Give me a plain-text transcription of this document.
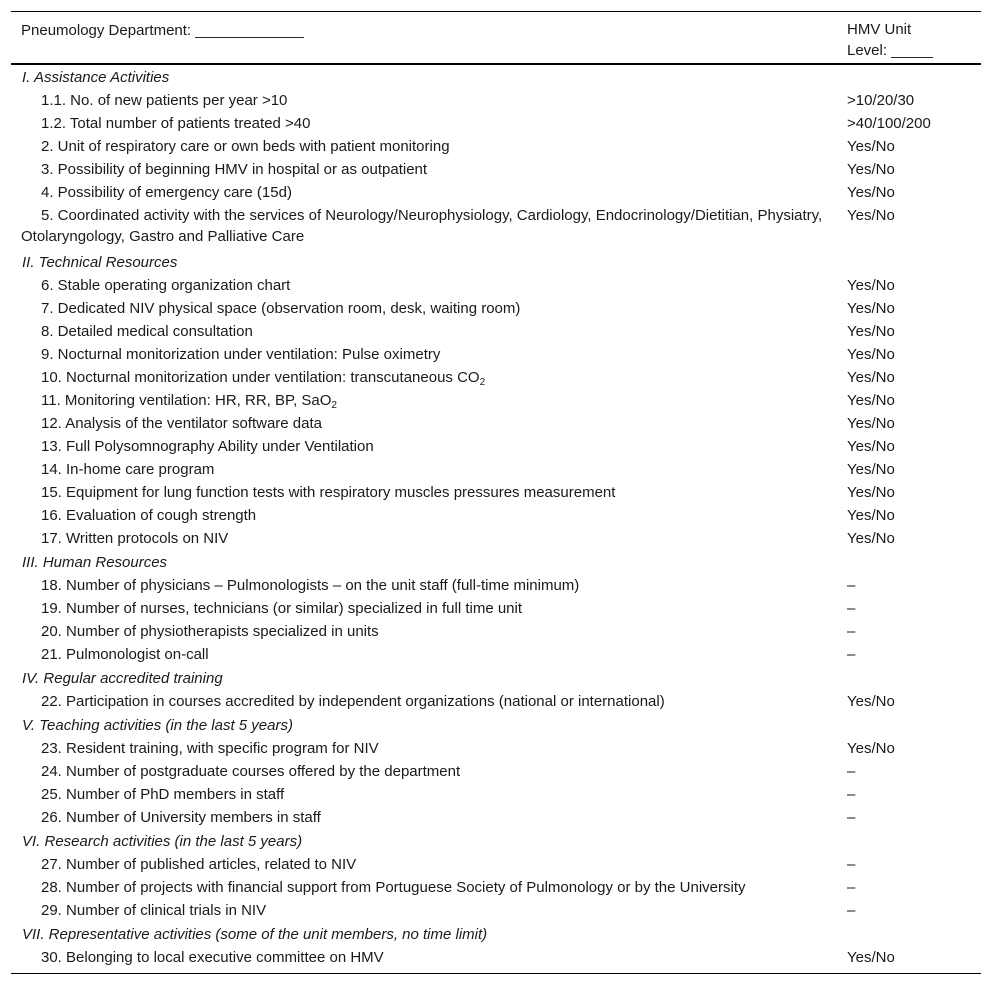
Pneumology Department: _____________	HMV Unit
Level: _____
I. Assistance Activities
1.1. No. of new patients per year >10	>10/20/30
1.2. Total number of patients treated >40	>40/100/200
2. Unit of respiratory care or own beds with patient monitoring	Yes/No
3. Possibility of beginning HMV in hospital or as outpatient	Yes/No
4. Possibility of emergency care (15d)	Yes/No
5. Coordinated activity with the services of Neurology/Neurophysiology, Cardiology, Endocrinology/Dietitian, Physiatry, Otolaryngology, Gastro and Palliative Care
Yes/No
II. Technical Resources
6. Stable operating organization chart	Yes/No
7. Dedicated NIV physical space (observation room, desk, waiting room)	Yes/No
8. Detailed medical consultation	Yes/No
9. Nocturnal monitorization under ventilation: Pulse oximetry	Yes/No
10. Nocturnal monitorization under ventilation: transcutaneous $CO_2$	Yes/No
11. Monitoring ventilation: HR, RR, BP, SaO$_2$	Yes/No
12. Analysis of the ventilator software data	Yes/No
13. Full Polysomnography Ability under Ventilation	Yes/No
14. In-home care program	Yes/No
15. Equipment for lung function tests with respiratory muscles pressures measurement	Yes/No
16. Evaluation of cough strength	Yes/No
17. Written protocols on NIV	Yes/No
III. Human Resources
18. Number of physicians – Pulmonologists – on the unit staff (full-time minimum)	–
19. Number of nurses, technicians (or similar) specialized in full time unit	–
20. Number of physiotherapists specialized in units	–
21. Pulmonologist on-call	–
IV. Regular accredited training
22. Participation in courses accredited by independent organizations (national or international)	Yes/No
V. Teaching activities (in the last 5 years)
23. Resident training, with specific program for NIV	Yes/No
24. Number of postgraduate courses offered by the department	–
25. Number of PhD members in staff	–
26. Number of University members in staff	–
VI. Research activities (in the last 5 years)
27. Number of published articles, related to NIV	–
28. Number of projects with financial support from Portuguese Society of Pulmonology or by the University	–
29. Number of clinical trials in NIV	–
VII. Representative activities (some of the unit members, no time limit)
30. Belonging to local executive committee on HMV	Yes/No
